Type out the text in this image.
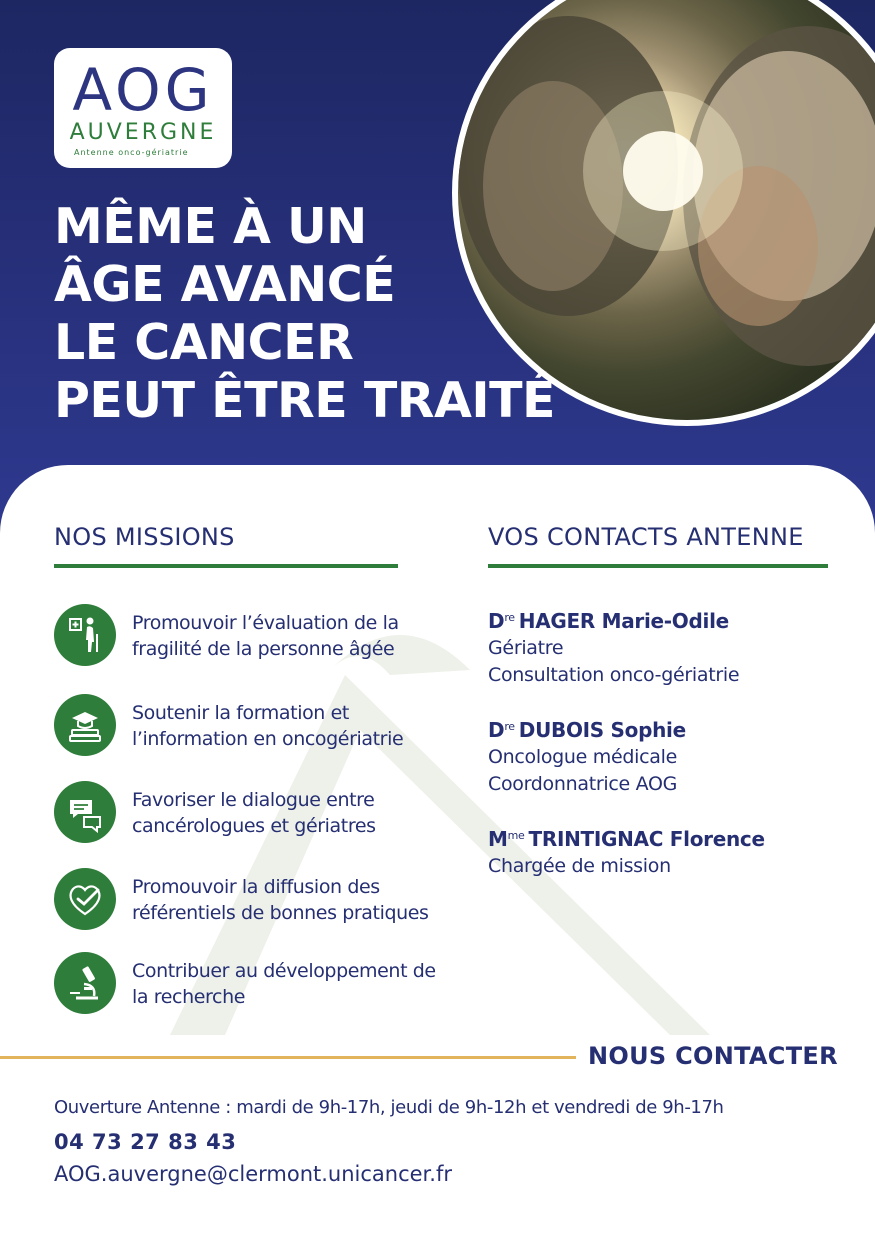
AOG
AUVERGNE
Antenne onco-gériatrie
MÊME À UN
ÂGE AVANCÉ
LE CANCER
PEUT ÊTRE TRAITÉ
NOS MISSIONS
Promouvoir l’évaluation de la fragilité de la personne âgée
Soutenir la formation et l’information en oncogériatrie
Favoriser le dialogue entre cancérologues et gériatres
Promouvoir la diffusion des référentiels de bonnes pratiques
Contribuer au développement de la recherche
VOS CONTACTS ANTENNE
Dre HAGER Marie-Odile
Gériatre
Consultation onco-gériatrie
Dre DUBOIS Sophie
Oncologue médicale
Coordonnatrice AOG
$M^{me}$ TRINTIGNAC Florence
Chargée de mission
NOUS CONTACTER
Ouverture Antenne : mardi de 9h-17h, jeudi de 9h-12h et vendredi de 9h-17h
04 73 27 83 43
AOG.auvergne@clermont.unicancer.fr
